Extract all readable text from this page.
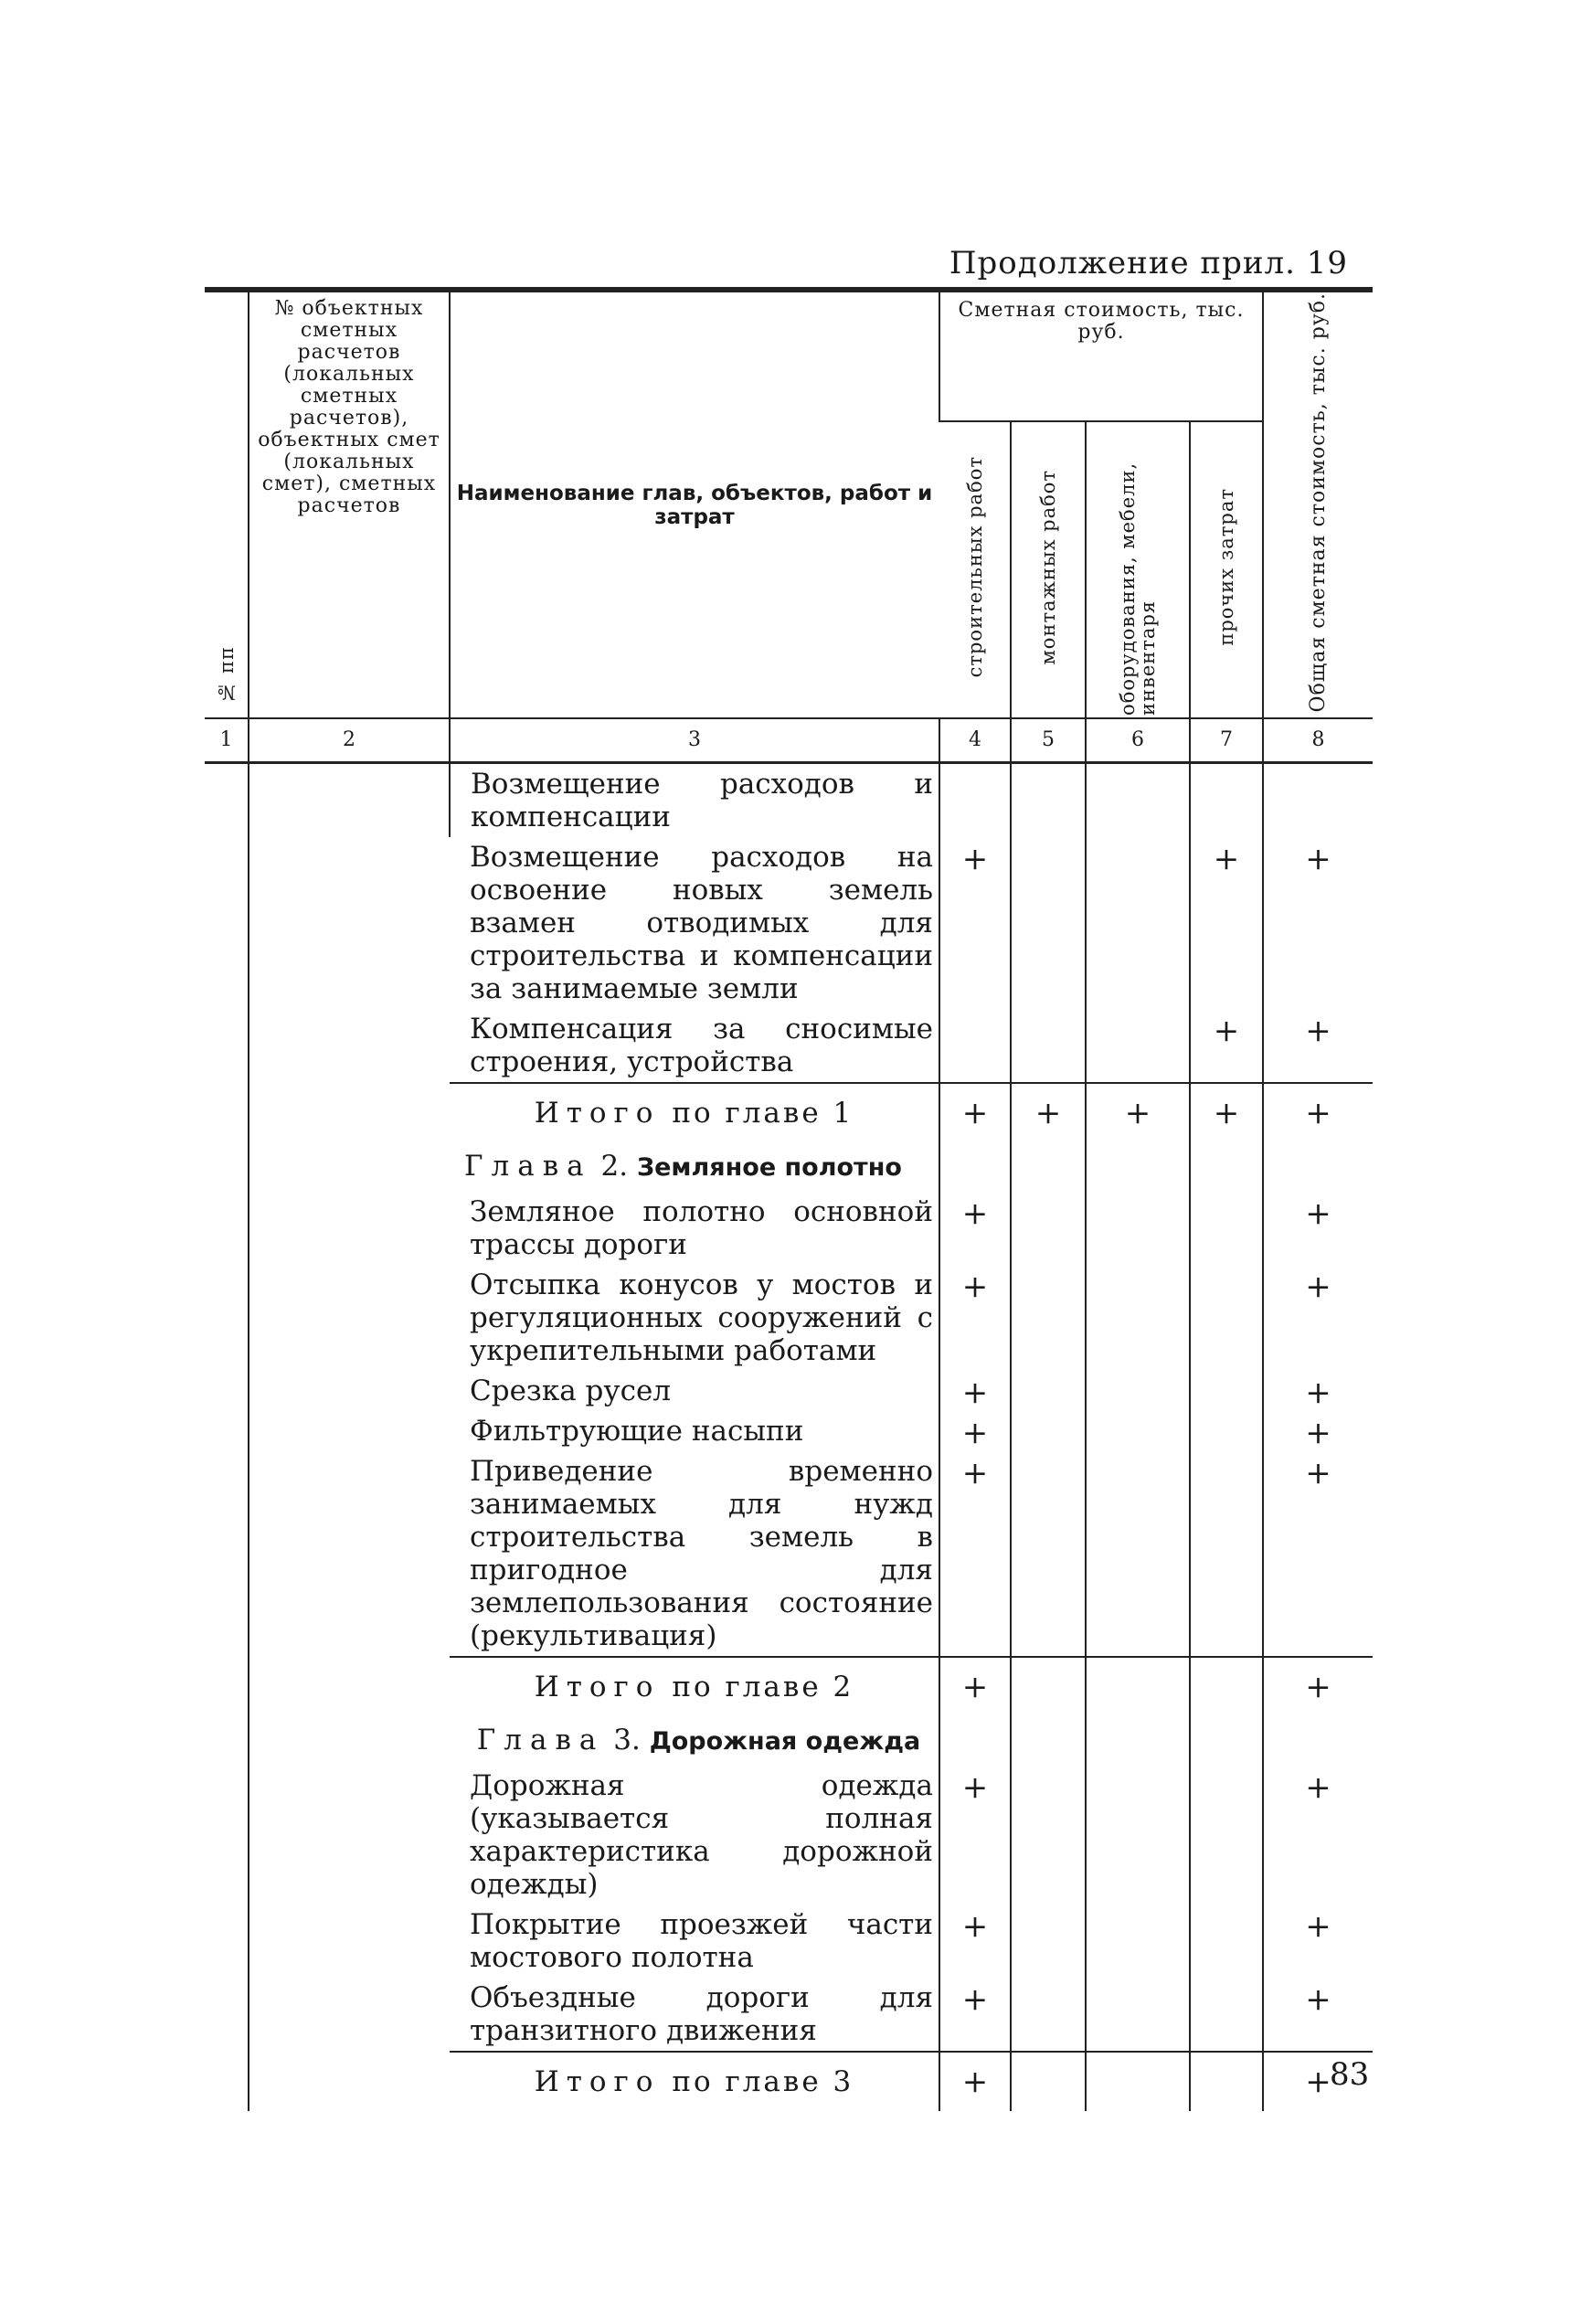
Продолжение прил. 19
№ пп	№ объектных сметных расчетов (локальных сметных расчетов), объектных смет (локальных смет), сметных расчетов	Наименование глав, объектов, работ и затрат	Сметная стоимость, тыс. руб.				Общая сметная стоимость, тыс. руб.
			строительных работ	монтажных работ	оборудования, мебели, инвентаря	прочих затрат	
1	2	3	4	5	6	7	8
		Возмещение расходов и компенсации					
		Возмещение расходов на освоение новых земель взамен отводимых для строительства и компенсации за занимаемые земли	+			+	+
		Компенсация за сносимые строения, устройства				+	+
		Итого по главе 1	+	+	+	+	+
		Глава 2. Земляное полотно					
		Земляное полотно основной трассы дороги	+				+
		Отсыпка конусов у мостов и регуляционных сооружений с укрепительными работами	+				+
		Срезка русел	+				+
		Фильтрующие насыпи	+				+
		Приведение временно занимаемых для нужд строительства земель в пригодное для землепользования состояние (рекультивация)	+				+
		Итого по главе 2	+				+
		Глава 3. Дорожная одежда					
		Дорожная одежда (указывается полная характеристика дорожной одежды)	+				+
		Покрытие проезжей части мостового полотна	+				+
		Объездные дороги для транзитного движения	+				+
		Итого по главе 3	+				+
83
